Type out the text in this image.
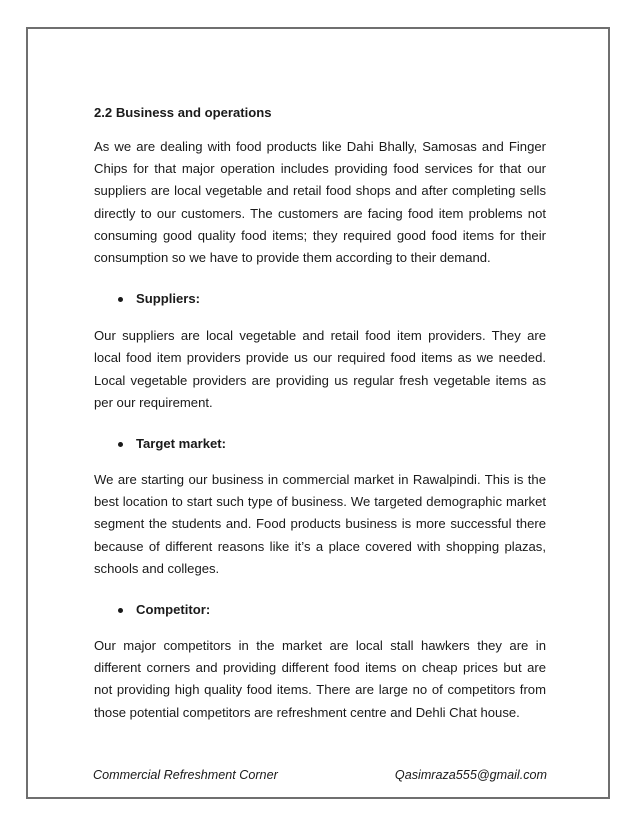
2.2 Business and operations

As we are dealing with food products like Dahi Bhally, Samosas and Finger Chips for that major operation includes providing food services for that our suppliers are local vegetable and retail food shops and after completing sells directly to our customers. The customers are facing food item problems not consuming good quality food items; they required good food items for their consumption so we have to provide them according to their demand.

Suppliers:

Our suppliers are local vegetable and retail food item providers. They are local food item providers provide us our required food items as we needed. Local vegetable providers are providing us regular fresh vegetable items as per our requirement.

Target market:

We are starting our business in commercial market in Rawalpindi. This is the best location to start such type of business. We targeted demographic market segment the students and. Food products business is more successful there because of different reasons like it’s a place covered with shopping plazas, schools and colleges.

Competitor:

Our major competitors in the market are local stall hawkers they are in different corners and providing different food items on cheap prices but are not providing high quality food items. There are large no of competitors from those potential competitors are refreshment centre and Dehli Chat house.

Commercial Refreshment Corner	Qasimraza555@gmail.com
